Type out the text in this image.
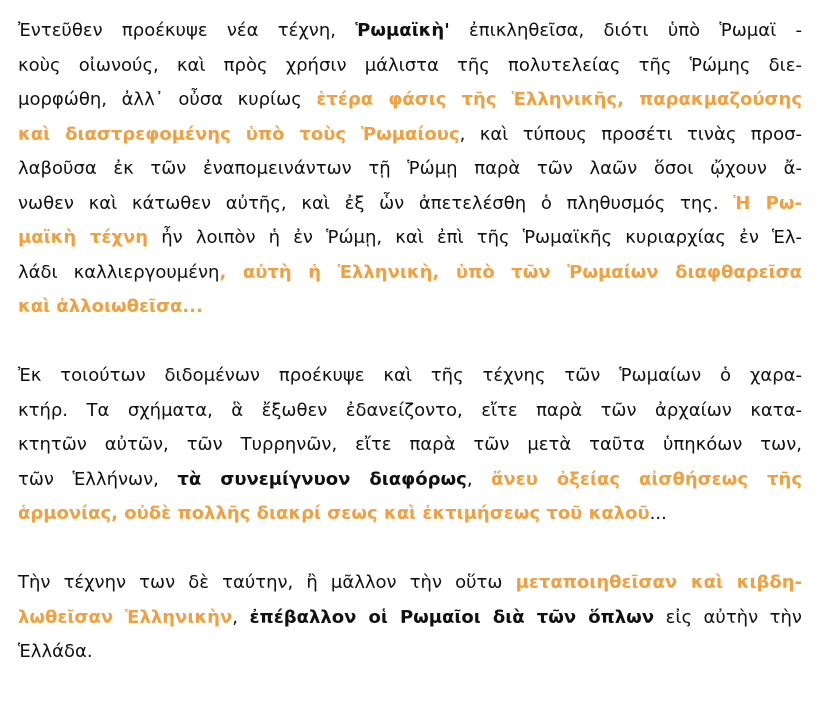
Ἐντεῦθεν προέκυψε νέα τέχνη, Ῥωμαϊκὴ' ἐπικληθεῖσα, διότι ὑπὸ Ῥωμαϊ -
κοὺς οἰωνούς, καὶ πρὸς χρήσιν μάλιστα τῆς πολυτελείας τῆς Ῥώμης διε-
μορφώθη, ἀλλ᾿ οὖσα κυρίως ἑτέρα φάσις τῆς Ἑλληνικῆς, παρακμαζούσης
καὶ διαστρεφομένης ὑπὸ τοὺς Ῥωμαίους, καὶ τύπους προσέτι τινὰς προσ-
λαβοῦσα ἐκ τῶν ἐναπομεινάντων τῇ Ῥώμῃ παρὰ τῶν λαῶν ὅσοι ᾤχουν ἄ-
νωθεν καὶ κάτωθεν αὐτῆς, καὶ ἐξ ὧν ἀπετελέσθη ὁ πληθυσμός της. Ἡ Ρω-
μαϊκὴ τέχνη ἦν λοιπὸν ἡ ἐν Ῥώμῃ, καὶ ἐπὶ τῆς Ῥωμαϊκῆς κυριαρχίας ἐν Ἑλ-
λάδι καλλιεργουμένη, αὐτὴ ἡ Ἑλληνικὴ, ὑπὸ τῶν Ῥωμαίων διαφθαρεῖσα
καὶ ἀλλοιωθεῖσα...
Ἐκ τοιούτων διδομένων προέκυψε καὶ τῆς τέχνης τῶν Ῥωμαίων ὁ χαρα-
κτήρ. Τα σχήματα, ἃ ἔξωθεν ἐδανείζοντο, εἴτε παρὰ τῶν ἀρχαίων κατα-
κτητῶν αὐτῶν, τῶν Τυρρηνῶν, εἴτε παρὰ τῶν μετὰ ταῦτα ὑπηκόων των,
τῶν Ἑλλήνων, τὰ συνεμίγνυον διαφόρως, ἄνευ ὀξείας αἰσθήσεως τῆς
ἁρμονίας, οὐδὲ πολλῆς διακρί σεως καὶ ἐκτιμήσεως τοῦ καλοῦ...
Τὴν τέχνην των δὲ ταύτην, ἢ μᾶλλον τὴν οὕτω μεταποιηθεῖσαν καὶ κιβδη-
λωθεῖσαν Ἑλληνικὴν, ἐπέβαλλον οἱ Ρωμαῖοι διὰ τῶν ὅπλων εἰς αὐτὴν τὴν
Ἑλλάδα.
